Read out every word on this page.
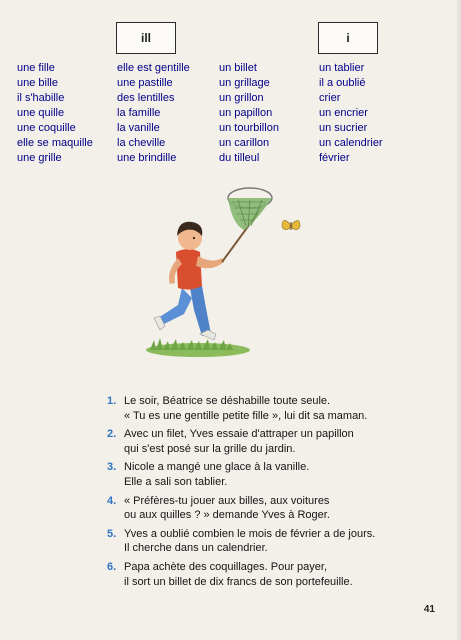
ill	i
une fille
une bille
il s'habille
une quille
une coquille
elle se maquille
une grille
elle est gentille
une pastille
des lentilles
la famille
la vanille
la cheville
une brindille
un billet
un grillage
un grillon
un papillon
un tourbillon
un carillon
du tilleul
un tablier
il a oublié
crier
un encrier
un sucrier
un calendrier
février
1. Le soir, Béatrice se déshabille toute seule.
« Tu es une gentille petite fille », lui dit sa maman.
2. Avec un filet, Yves essaie d'attraper un papillon
qui s'est posé sur la grille du jardin.
3. Nicole a mangé une glace à la vanille.
Elle a sali son tablier.
4. « Préfères-tu jouer aux billes, aux voitures
ou aux quilles ? » demande Yves à Roger.
5. Yves a oublié combien le mois de février a de jours.
Il cherche dans un calendrier.
6. Papa achète des coquillages. Pour payer,
il sort un billet de dix francs de son portefeuille.
41
